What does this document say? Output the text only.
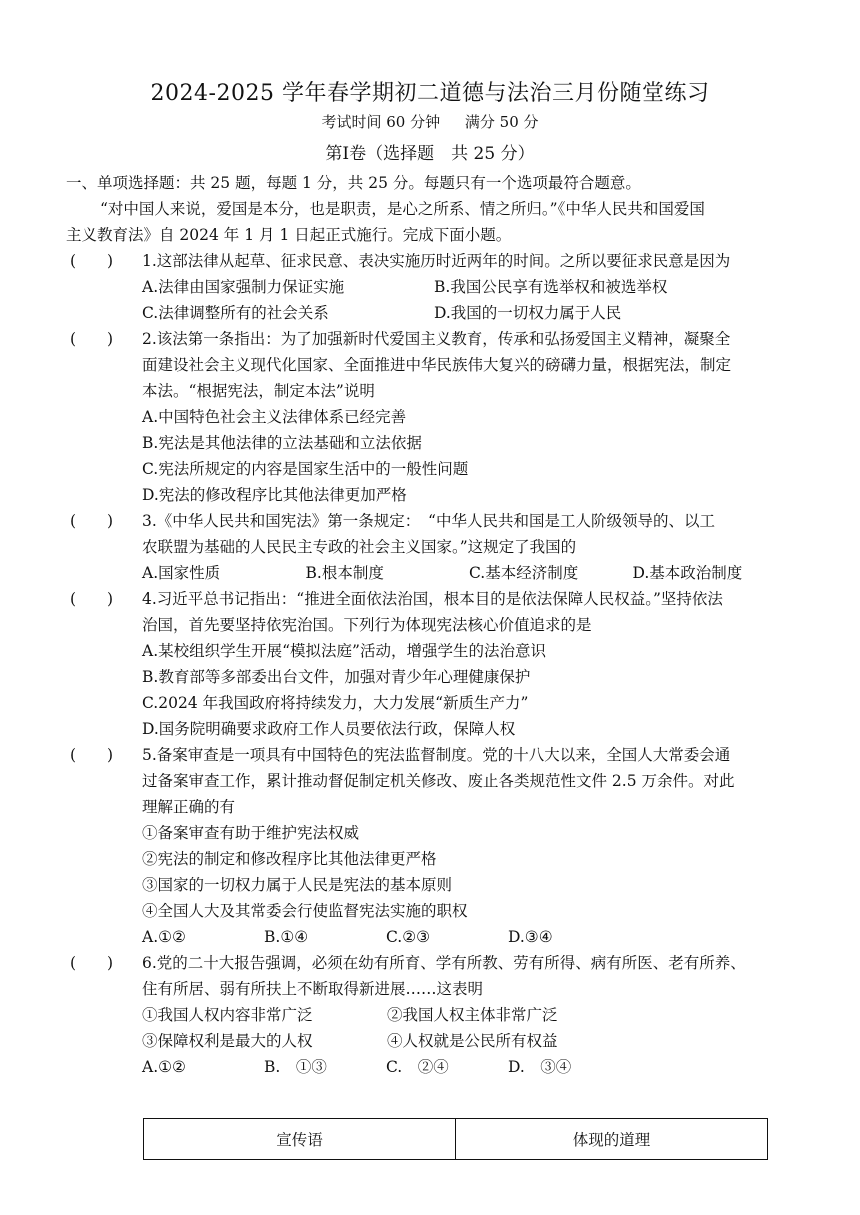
2024-2025 学年春学期初二道德与法治三月份随堂练习
考试时间 60 分钟 满分 50 分
第Ⅰ卷（选择题　共 25 分）
一、单项选择题：共 25 题，每题 1 分，共 25 分。每题只有一个选项最符合题意。
“对中国人来说，爱国是本分，也是职责，是心之所系、情之所归。”《中华人民共和国爱国
主义教育法》自 2024 年 1 月 1 日起正式施行。完成下面小题。
(　　) 1.这部法律从起草、征求民意、表决实施历时近两年的时间。之所以要征求民意是因为
A.法律由国家强制力保证实施	B.我国公民享有选举权和被选举权
C.法律调整所有的社会关系	D.我国的一切权力属于人民
(　　) 2.该法第一条指出：为了加强新时代爱国主义教育，传承和弘扬爱国主义精神，凝聚全
面建设社会主义现代化国家、全面推进中华民族伟大复兴的磅礴力量，根据宪法，制定
本法。“根据宪法，制定本法”说明
A.中国特色社会主义法律体系已经完善
B.宪法是其他法律的立法基础和立法依据
C.宪法所规定的内容是国家生活中的一般性问题
D.宪法的修改程序比其他法律更加严格
(　　) 3.《中华人民共和国宪法》第一条规定：　“中华人民共和国是工人阶级领导的、以工
农联盟为基础的人民民主专政的社会主义国家。”这规定了我国的
A.国家性质	B.根本制度	C.基本经济制度	D.基本政治制度
(　　) 4.习近平总书记指出：“推进全面依法治国，根本目的是依法保障人民权益。”坚持依法
治国，首先要坚持依宪治国。下列行为体现宪法核心价值追求的是
A.某校组织学生开展“模拟法庭”活动，增强学生的法治意识
B.教育部等多部委出台文件，加强对青少年心理健康保护
C.2024 年我国政府将持续发力，大力发展“新质生产力”
D.国务院明确要求政府工作人员要依法行政，保障人权
(　　) 5.备案审查是一项具有中国特色的宪法监督制度。党的十八大以来，全国人大常委会通
过备案审查工作，累计推动督促制定机关修改、废止各类规范性文件 2.5 万余件。对此
理解正确的有
①备案审查有助于维护宪法权威
②宪法的制定和修改程序比其他法律更严格
③国家的一切权力属于人民是宪法的基本原则
④全国人大及其常委会行使监督宪法实施的职权
A.①②	B.①④	C.②③	D.③④
(　　) 6.党的二十大报告强调，必须在幼有所育、学有所教、劳有所得、病有所医、老有所养、
住有所居、弱有所扶上不断取得新进展……这表明
①我国人权内容非常广泛	②我国人权主体非常广泛
③保障权利是最大的人权	④人权就是公民所有权益
A.①②	B.　①③	C.　②④	D.　③④
宣传语	体现的道理
